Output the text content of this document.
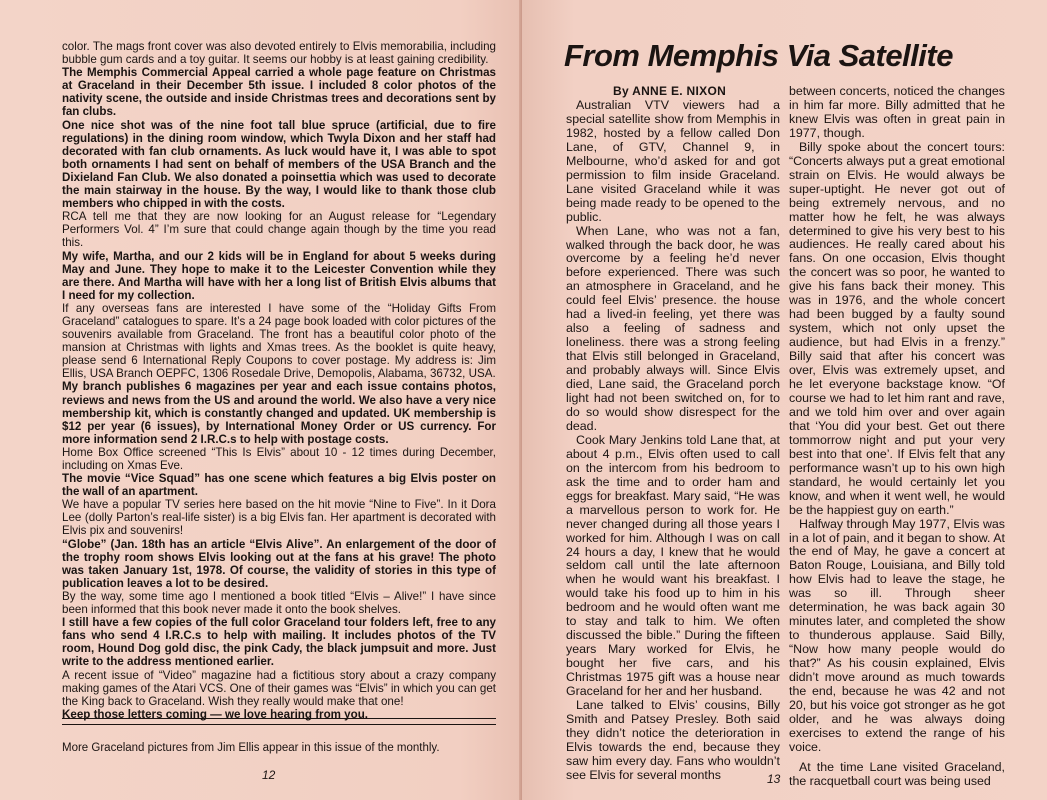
color. The mags front cover was also devoted entirely to Elvis memorabilia, including bubble gum cards and a toy guitar. It seems our hobby is at least gaining credibility.

The Memphis Commercial Appeal carried a whole page feature on Christmas at Graceland in their December 5th issue. I included 8 color photos of the nativity scene, the outside and inside Christmas trees and decorations sent by fan clubs.

One nice shot was of the nine foot tall blue spruce (artificial, due to fire regulations) in the dining room window, which Twyla Dixon and her staff had decorated with fan club ornaments. As luck would have it, I was able to spot both ornaments I had sent on behalf of members of the USA Branch and the Dixieland Fan Club. We also donated a poinsettia which was used to decorate the main stairway in the house. By the way, I would like to thank those club members who chipped in with the costs.

RCA tell me that they are now looking for an August release for “Legendary Performers Vol. 4” I’m sure that could change again though by the time you read this.

My wife, Martha, and our 2 kids will be in England for about 5 weeks during May and June. They hope to make it to the Leicester Convention while they are there. And Martha will have with her a long list of British Elvis albums that I need for my collection.

If any overseas fans are interested I have some of the “Holiday Gifts From Graceland” catalogues to spare. It’s a 24 page book loaded with color pictures of the souvenirs available from Graceland. The front has a beautiful color photo of the mansion at Christmas with lights and Xmas trees. As the booklet is quite heavy, please send 6 International Reply Coupons to cover postage. My address is: Jim Ellis, USA Branch OEPFC, 1306 Rosedale Drive, Demopolis, Alabama, 36732, USA.

My branch publishes 6 magazines per year and each issue contains photos, reviews and news from the US and around the world. We also have a very nice membership kit, which is constantly changed and updated. UK membership is $12 per year (6 issues), by International Money Order or US currency. For more information send 2 I.R.C.s to help with postage costs.

Home Box Office screened “This Is Elvis” about 10 - 12 times during December, including on Xmas Eve.

The movie “Vice Squad” has one scene which features a big Elvis poster on the wall of an apartment.

We have a popular TV series here based on the hit movie “Nine to Five”. In it Dora Lee (dolly Parton’s real-life sister) is a big Elvis fan. Her apartment is decorated with Elvis pix and souvenirs!

“Globe” (Jan. 18th has an article “Elvis Alive”. An enlargement of the door of the trophy room shows Elvis looking out at the fans at his grave! The photo was taken January 1st, 1978. Of course, the validity of stories in this type of publication leaves a lot to be desired.

By the way, some time ago I mentioned a book titled “Elvis – Alive!” I have since been informed that this book never made it onto the book shelves.

I still have a few copies of the full color Graceland tour folders left, free to any fans who send 4 I.R.C.s to help with mailing. It includes photos of the TV room, Hound Dog gold disc, the pink Cady, the black jumpsuit and more. Just write to the address mentioned earlier.

A recent issue of “Video” magazine had a fictitious story about a crazy company making games of the Atari VCS. One of their games was “Elvis” in which you can get the King back to Graceland. Wish they really would make that one!

Keep those letters coming — we love hearing from you.

More Graceland pictures from Jim Ellis appear in this issue of the monthly.
12
From Memphis Via Satellite
By ANNE E. NIXON

Australian VTV viewers had a special satellite show from Memphis in 1982, hosted by a fellow called Don Lane, of GTV, Channel 9, in Melbourne, who’d asked for and got permission to film inside Graceland. Lane visited Graceland while it was being made ready to be opened to the public.

When Lane, who was not a fan, walked through the back door, he was overcome by a feeling he’d never before experienced. There was such an atmosphere in Graceland, and he could feel Elvis’ presence. the house had a lived-in feeling, yet there was also a feeling of sadness and loneliness. there was a strong feeling that Elvis still belonged in Graceland, and probably always will. Since Elvis died, Lane said, the Graceland porch light had not been switched on, for to do so would show disrespect for the dead.

Cook Mary Jenkins told Lane that, at about 4 p.m., Elvis often used to call on the intercom from his bedroom to ask the time and to order ham and eggs for breakfast. Mary said, “He was a marvellous person to work for. He never changed during all those years I worked for him. Although I was on call 24 hours a day, I knew that he would seldom call until the late afternoon when he would want his breakfast. I would take his food up to him in his bedroom and he would often want me to stay and talk to him. We often discussed the bible.” During the fifteen years Mary worked for Elvis, he bought her five cars, and his Christmas 1975 gift was a house near Graceland for her and her husband.

Lane talked to Elvis’ cousins, Billy Smith and Patsey Presley. Both said they didn’t notice the deterioration in Elvis towards the end, because they saw him every day. Fans who wouldn’t see Elvis for several months

between concerts, noticed the changes in him far more. Billy admitted that he knew Elvis was often in great pain in 1977, though.

Billy spoke about the concert tours: “Concerts always put a great emotional strain on Elvis. He would always be super-uptight. He never got out of being extremely nervous, and no matter how he felt, he was always determined to give his very best to his audiences. He really cared about his fans. On one occasion, Elvis thought the concert was so poor, he wanted to give his fans back their money. This was in 1976, and the whole concert had been bugged by a faulty sound system, which not only upset the audience, but had Elvis in a frenzy.” Billy said that after his concert was over, Elvis was extremely upset, and he let everyone backstage know. “Of course we had to let him rant and rave, and we told him over and over again that ‘You did your best. Get out there tommorrow night and put your very best into that one’. If Elvis felt that any performance wasn’t up to his own high standard, he would certainly let you know, and when it went well, he would be the happiest guy on earth.”

Halfway through May 1977, Elvis was in a lot of pain, and it began to show. At the end of May, he gave a concert at Baton Rouge, Louisiana, and Billy told how Elvis had to leave the stage, he was so ill. Through sheer determination, he was back again 30 minutes later, and completed the show to thunderous applause. Said Billy, “Now how many people would do that?” As his cousin explained, Elvis didn’t move around as much towards the end, because he was 42 and not 20, but his voice got stronger as he got older, and he was always doing exercises to extend the range of his voice.

At the time Lane visited Graceland, the racquetball court was being used

13
